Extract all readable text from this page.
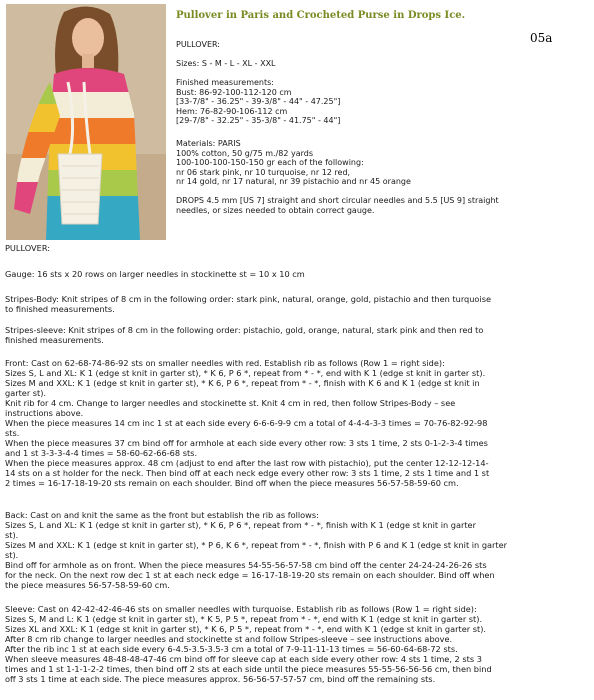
Pullover in Paris and Crocheted Purse in Drops Ice.
05a

PULLOVER:

Sizes: S - M - L - XL - XXL

Finished measurements:
Bust: 86-92-100-112-120 cm
[33-7/8" - 36.25" - 39-3/8" - 44" - 47.25"]
Hem: 76-82-90-106-112 cm
[29-7/8" - 32.25" - 35-3/8" - 41.75" - 44"]

Materials: PARIS
100% cotton, 50 g/75 m./82 yards
100-100-100-150-150 gr each of the following:
nr 06 stark pink, nr 10 turquoise, nr 12 red,
nr 14 gold, nr 17 natural, nr 39 pistachio and nr 45 orange

DROPS 4.5 mm [US 7] straight and short circular needles and 5.5 [US 9] straight
needles, or sizes needed to obtain correct gauge.

PULLOVER:

Gauge: 16 sts x 20 rows on larger needles in stockinette st = 10 x 10 cm

Stripes-Body: Knit stripes of 8 cm in the following order: stark pink, natural, orange, gold, pistachio and then turquoise
to finished measurements.

Stripes-sleeve: Knit stripes of 8 cm in the following order: pistachio, gold, orange, natural, stark pink and then red to
finished measurements.

Front: Cast on 62-68-74-86-92 sts on smaller needles with red. Establish rib as follows (Row 1 = right side):
Sizes S, L and XL: K 1 (edge st knit in garter st), * K 6, P 6 *, repeat from * - *, end with K 1 (edge st knit in garter st).
Sizes M and XXL: K 1 (edge st knit in garter st), * K 6, P 6 *, repeat from * - *, finish with K 6 and K 1 (edge st knit in
garter st).
Knit rib for 4 cm. Change to larger needles and stockinette st. Knit 4 cm in red, then follow Stripes-Body – see
instructions above.
When the piece measures 14 cm inc 1 st at each side every 6-6-6-9-9 cm a total of 4-4-4-3-3 times = 70-76-82-92-98
sts.
When the piece measures 37 cm bind off for armhole at each side every other row: 3 sts 1 time, 2 sts 0-1-2-3-4 times
and 1 st 3-3-3-4-4 times = 58-60-62-66-68 sts.
When the piece measures approx. 48 cm (adjust to end after the last row with pistachio), put the center 12-12-12-14-
14 sts on a st holder for the neck. Then bind off at each neck edge every other row: 3 sts 1 time, 2 sts 1 time and 1 st
2 times = 16-17-18-19-20 sts remain on each shoulder. Bind off when the piece measures 56-57-58-59-60 cm.

Back: Cast on and knit the same as the front but establish the rib as follows:
Sizes S, L and XL: K 1 (edge st knit in garter st), * K 6, P 6 *, repeat from * - *, finish with K 1 (edge st knit in garter
st).
Sizes M and XXL: K 1 (edge st knit in garter st), * P 6, K 6 *, repeat from * - *, finish with P 6 and K 1 (edge st knit in garter
st).
Bind off for armhole as on front. When the piece measures 54-55-56-57-58 cm bind off the center 24-24-24-26-26 sts
for the neck. On the next row dec 1 st at each neck edge = 16-17-18-19-20 sts remain on each shoulder. Bind off when
the piece measures 56-57-58-59-60 cm.

Sleeve: Cast on 42-42-42-46-46 sts on smaller needles with turquoise. Establish rib as follows (Row 1 = right side):
Sizes S, M and L: K 1 (edge st knit in garter st), * K 5, P 5 *, repeat from * - *, end with K 1 (edge st knit in garter st).
Sizes XL and XXL: K 1 (edge st knit in garter st), * K 6, P 5 *, repeat from * - *, end with K 1 (edge st knit in garter st).
After 8 cm rib change to larger needles and stockinette st and follow Stripes-sleeve – see instructions above.
After the rib inc 1 st at each side every 6-4.5-3.5-3.5-3 cm a total of 7-9-11-11-13 times = 56-60-64-68-72 sts.
When sleeve measures 48-48-48-47-46 cm bind off for sleeve cap at each side every other row: 4 sts 1 time, 2 sts 3
times and 1 st 1-1-1-2-2 times, then bind off 2 sts at each side until the piece measures 55-55-56-56-56 cm, then bind
off 3 sts 1 time at each side. The piece measures approx. 56-56-57-57-57 cm, bind off the remaining sts.
